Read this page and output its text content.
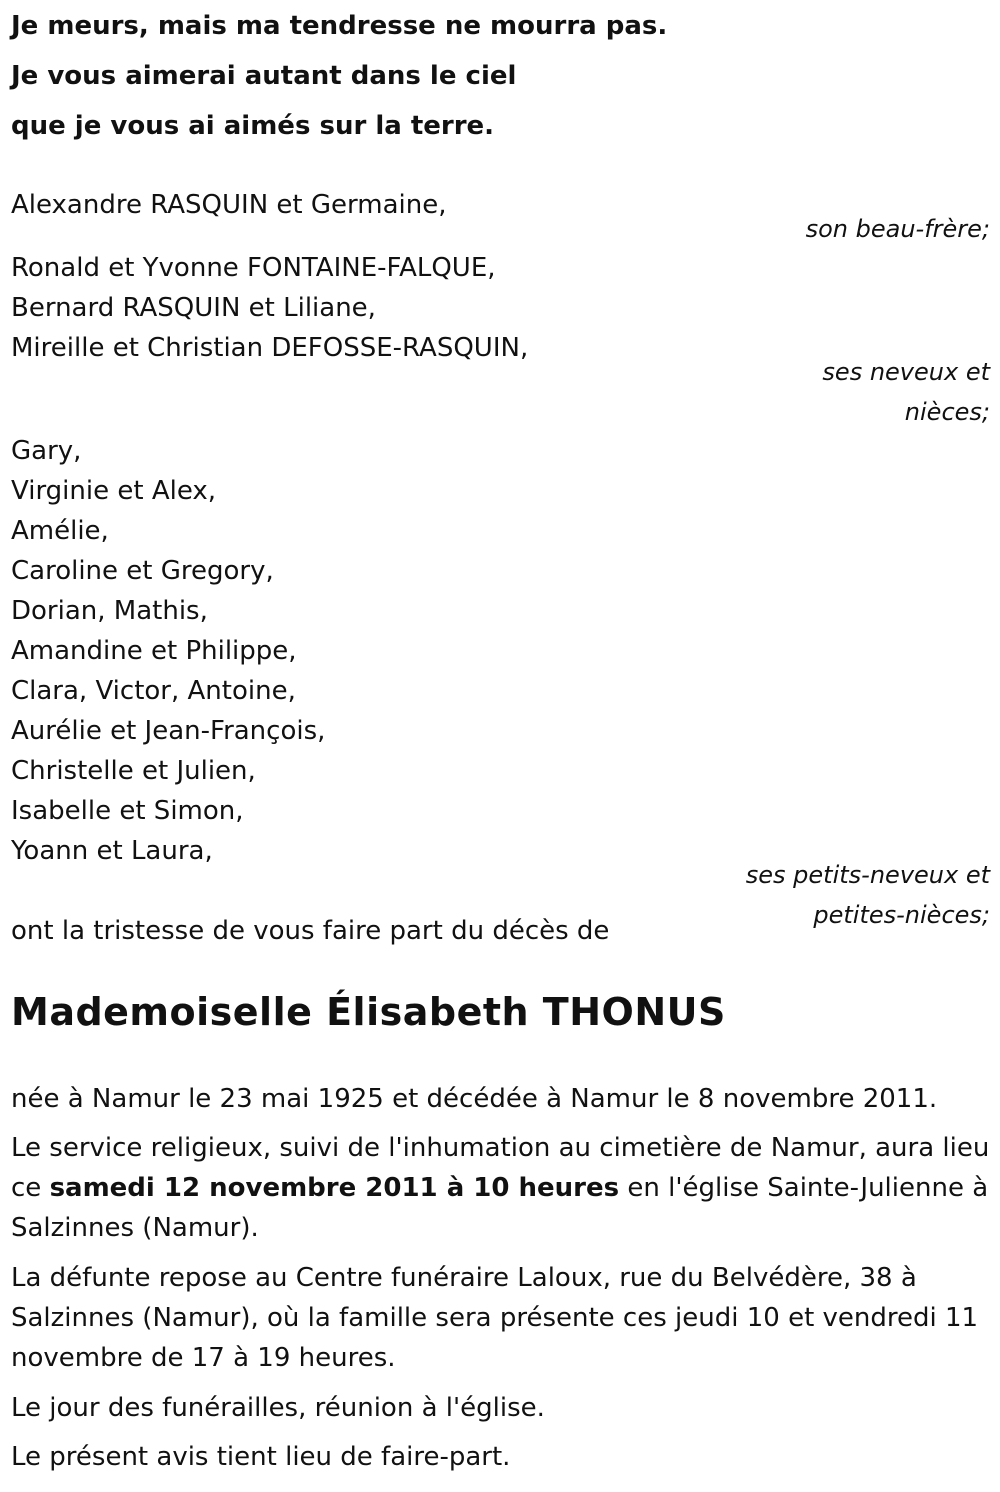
Je meurs, mais ma tendresse ne mourra pas.
Je vous aimerai autant dans le ciel
que je vous ai aimés sur la terre.
Alexandre RASQUIN et Germaine,
son beau-frère;
Ronald et Yvonne FONTAINE-FALQUE,
Bernard RASQUIN et Liliane,
Mireille et Christian DEFOSSE-RASQUIN,
ses neveux et
nièces;
Gary,
Virginie et Alex,
Amélie,
Caroline et Gregory,
Dorian, Mathis,
Amandine et Philippe,
Clara, Victor, Antoine,
Aurélie et Jean-François,
Christelle et Julien,
Isabelle et Simon,
Yoann et Laura,
ses petits-neveux et
petites-nièces;
ont la tristesse de vous faire part du décès de
Mademoiselle Élisabeth THONUS
née à Namur le 23 mai 1925 et décédée à Namur le 8 novembre 2011.
Le service religieux, suivi de l'inhumation au cimetière de Namur, aura lieu ce samedi 12 novembre 2011 à 10 heures en l'église Sainte-Julienne à Salzinnes (Namur).
La défunte repose au Centre funéraire Laloux, rue du Belvédère, 38 à Salzinnes (Namur), où la famille sera présente ces jeudi 10 et vendredi 11 novembre de 17 à 19 heures.
Le jour des funérailles, réunion à l'église.
Le présent avis tient lieu de faire-part.
